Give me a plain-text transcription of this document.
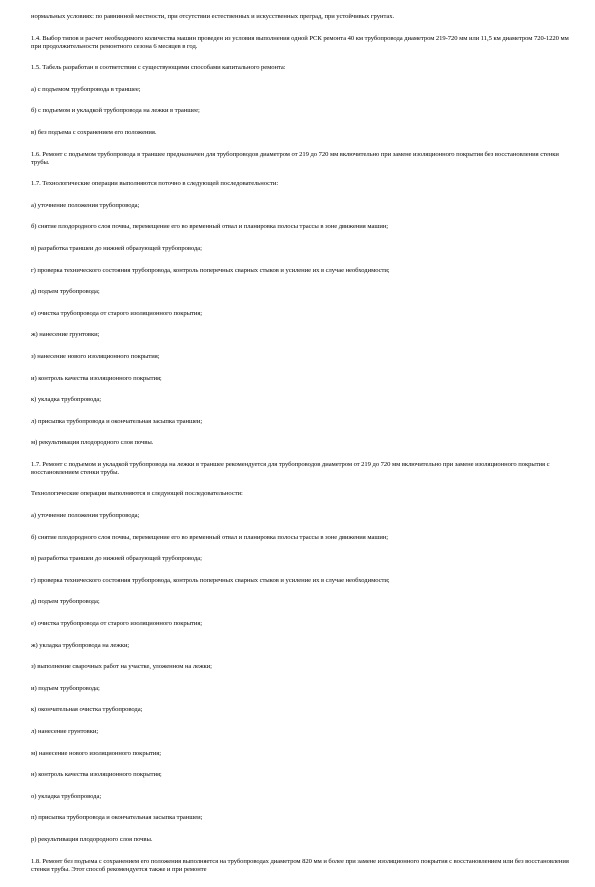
нормальных условиях: по равнинной местности, при отсутствии естественных и искусственных преград, при устойчивых грунтах.
1.4. Выбор типов и расчет необходимого количества машин проведен из условия выполнения одной РСК ремонта 40 км трубопровода диаметром 219-720 мм или 11,5 км диаметром 720-1220 мм при продолжительности ремонтного сезона 6 месяцев в год.
1.5. Табель разработан в соответствии с существующими способами капитального ремонта:
а) с подъемом трубопровода в траншее;
б) с подъемом и укладкой трубопровода на лежки в траншее;
в) без подъема с сохранением его положения.
1.6. Ремонт с подъемом трубопровода в траншее предназначен для трубопроводов диаметром от 219 до 720 мм включительно при замене изоляционного покрытия без восстановления стенки трубы.
1.7. Технологические операции выполняются поточно в следующей последовательности:
а) уточнение положения трубопровода;
б) снятие плодородного слоя почвы, перемещение его во временный отвал и планировка полосы трассы в зоне движения машин;
в) разработка траншеи до нижней образующей трубопровода;
г) проверка технического состояния трубопровода, контроль поперечных сварных стыков и усиление их в случае необходимости;
д) подъем трубопровода;
е) очистка трубопровода от старого изоляционного покрытия;
ж) нанесение грунтовки;
з) нанесение нового изоляционного покрытия;
и) контроль качества изоляционного покрытия;
к) укладка трубопровода;
л) присыпка трубопровода и окончательная засыпка траншеи;
м) рекультивация плодородного слоя почвы.
1.7. Ремонт с подъемом и укладкой трубопровода на лежки в траншее рекомендуется для трубопроводов диаметром от 219 до 720 мм включительно при замене изоляционного покрытия с восстановлением стенки трубы.
Технологические операции выполняются в следующей последовательности:
а) уточнение положения трубопровода;
б) снятие плодородного слоя почвы, перемещение его во временный отвал и планировка полосы трассы в зоне движения машин;
в) разработка траншеи до нижней образующей трубопровода;
г) проверка технического состояния трубопровода, контроль поперечных сварных стыков и усиление их в случае необходимости;
д) подъем трубопровода;
е) очистка трубопровода от старого изоляционного покрытия;
ж) укладка трубопровода на лежки;
з) выполнение сварочных работ на участке, уложенном на лежки;
и) подъем трубопровода;
к) окончательная очистка трубопровода;
л) нанесение грунтовки;
м) нанесение нового изоляционного покрытия;
н) контроль качества изоляционного покрытия;
о) укладка трубопровода;
п) присыпка трубопровода и окончательная засыпка траншеи;
р) рекультивация плодородного слоя почвы.
1.8. Ремонт без подъема с сохранением его положения выполняется на трубопроводах диаметром 820 мм и более при замене изоляционного покрытия с восстановлением или без восстановления стенки трубы. Этот способ рекомендуется также и при ремонте
